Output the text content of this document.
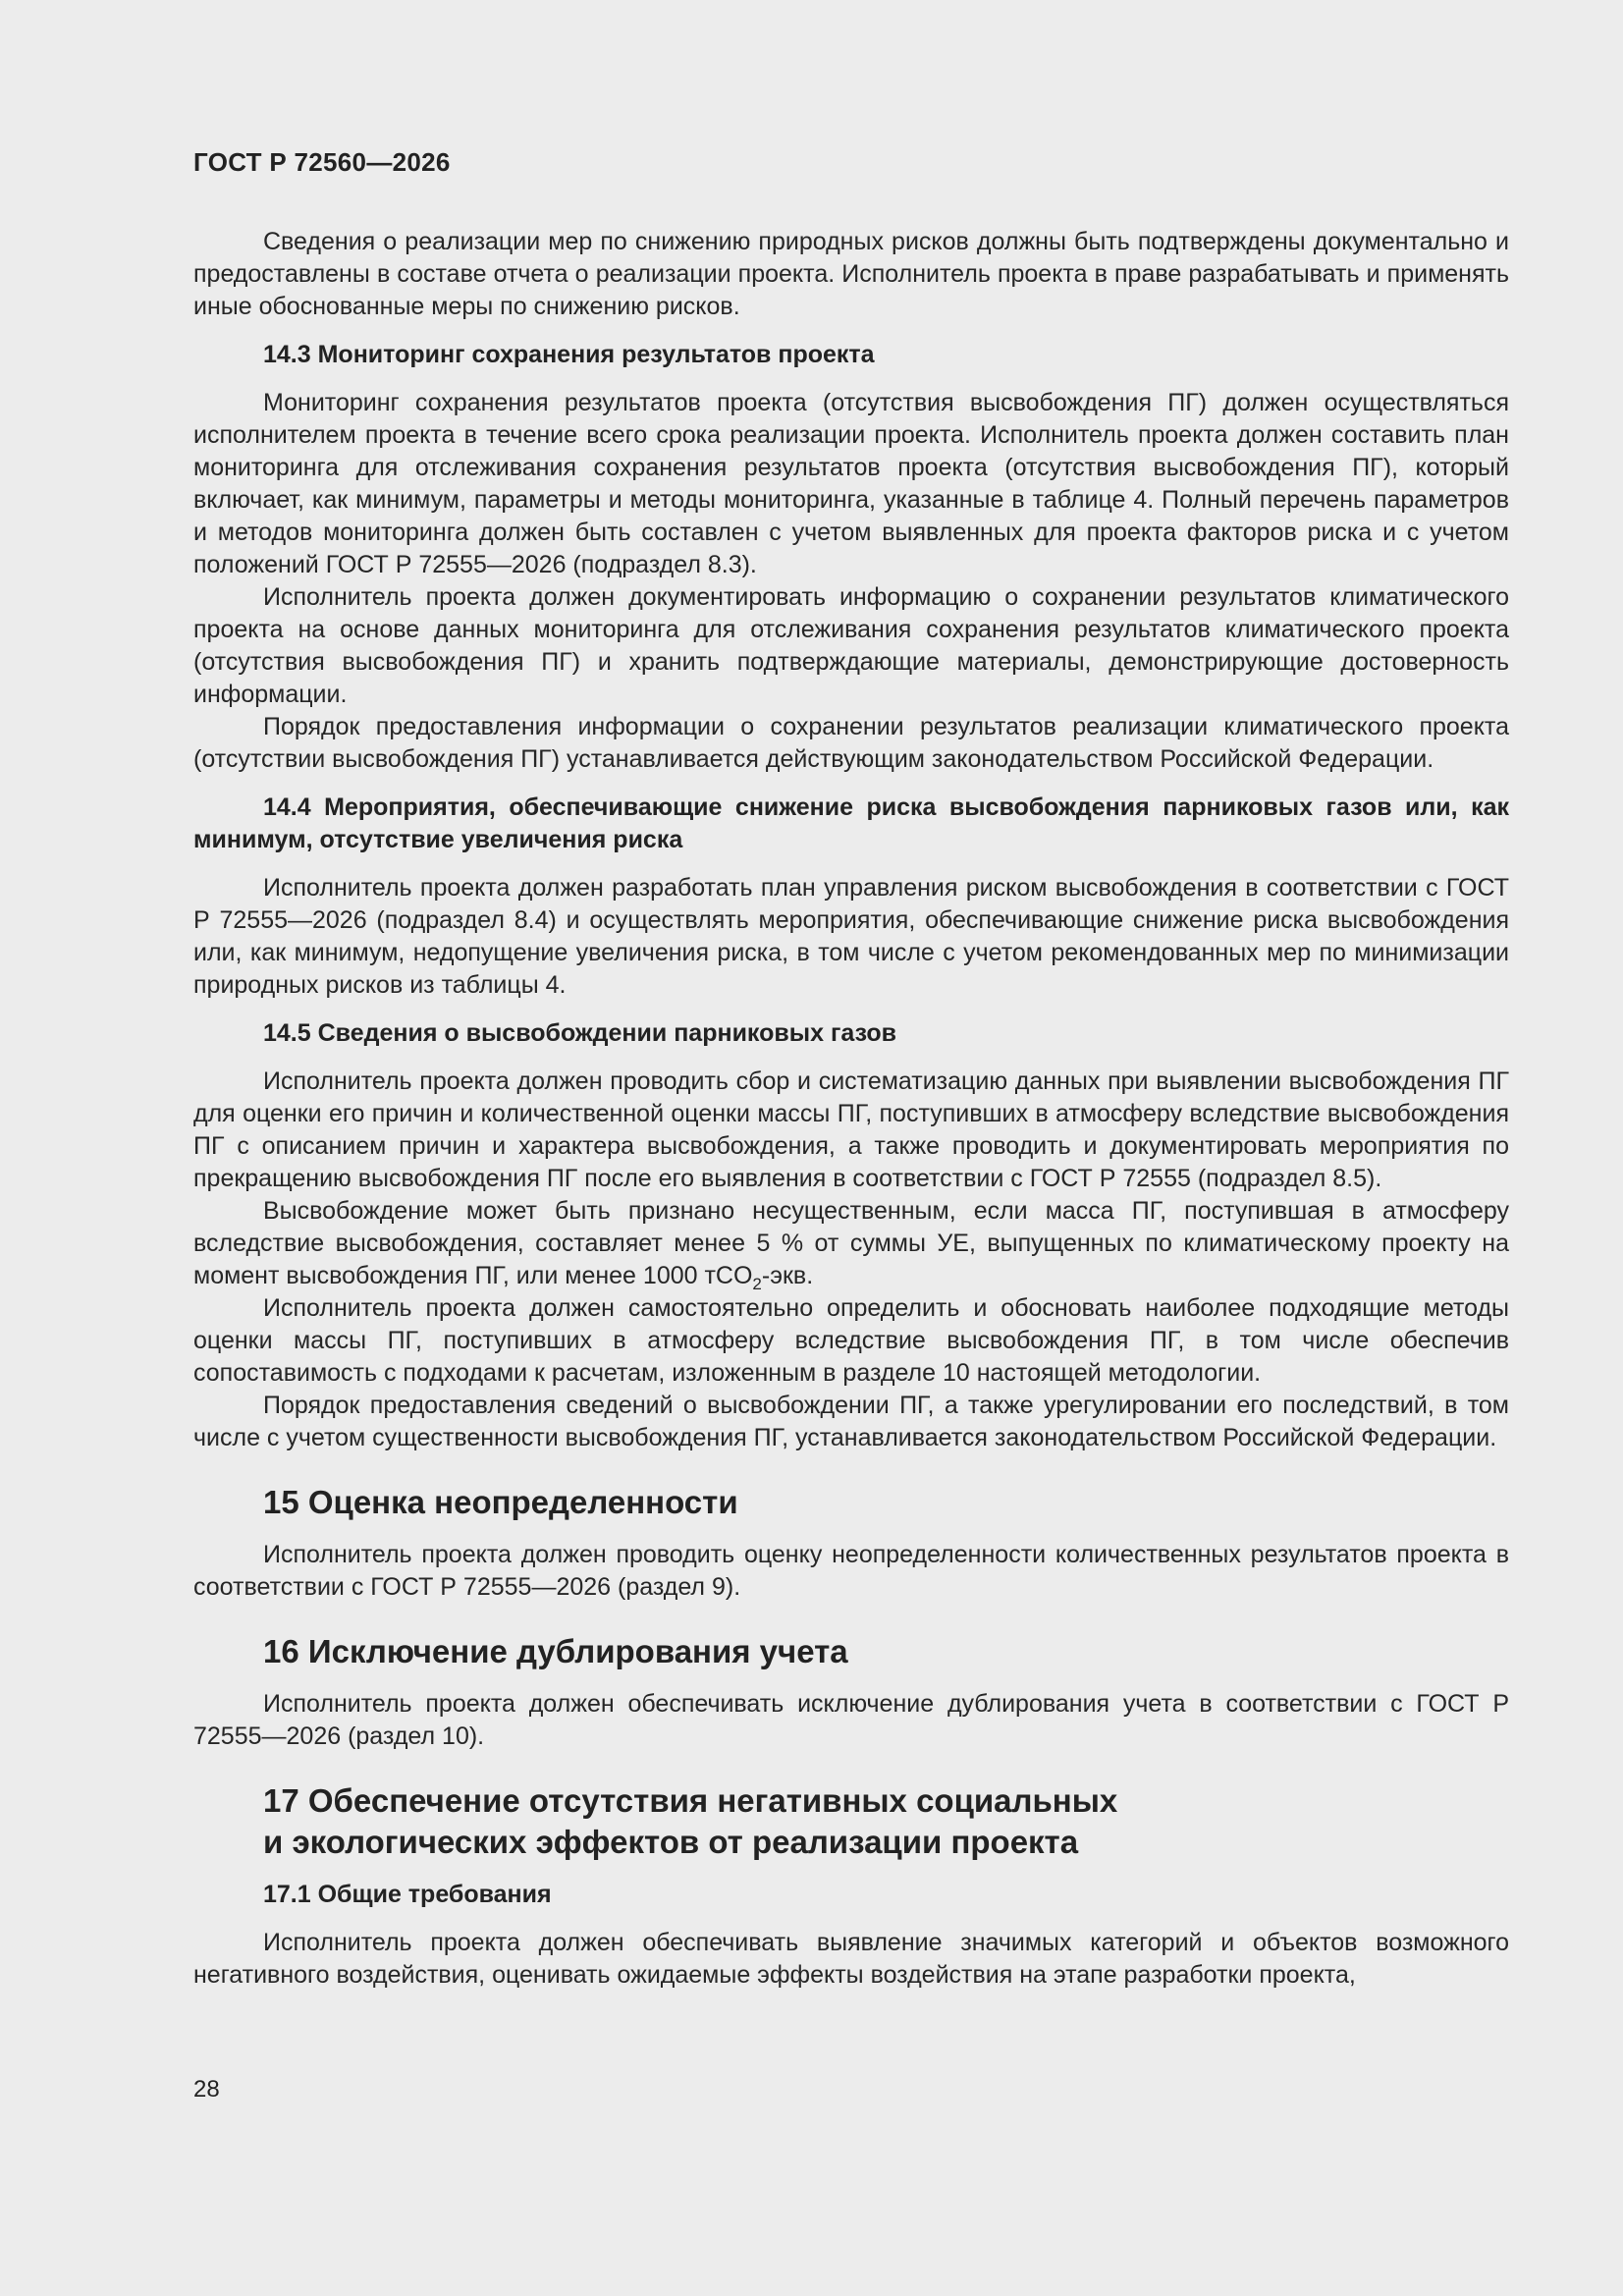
ГОСТ Р 72560—2026

Сведения о реализации мер по снижению природных рисков должны быть подтверждены документально и предоставлены в составе отчета о реализации проекта. Исполнитель проекта в праве разрабатывать и применять иные обоснованные меры по снижению рисков.

14.3 Мониторинг сохранения результатов проекта

Мониторинг сохранения результатов проекта (отсутствия высвобождения ПГ) должен осуществляться исполнителем проекта в течение всего срока реализации проекта. Исполнитель проекта должен составить план мониторинга для отслеживания сохранения результатов проекта (отсутствия высвобождения ПГ), который включает, как минимум, параметры и методы мониторинга, указанные в таблице 4. Полный перечень параметров и методов мониторинга должен быть составлен с учетом выявленных для проекта факторов риска и с учетом положений ГОСТ Р 72555—2026 (подраздел 8.3).

Исполнитель проекта должен документировать информацию о сохранении результатов климатического проекта на основе данных мониторинга для отслеживания сохранения результатов климатического проекта (отсутствия высвобождения ПГ) и хранить подтверждающие материалы, демонстрирующие достоверность информации.

Порядок предоставления информации о сохранении результатов реализации климатического проекта (отсутствии высвобождения ПГ) устанавливается действующим законодательством Российской Федерации.

14.4 Мероприятия, обеспечивающие снижение риска высвобождения парниковых газов или, как минимум, отсутствие увеличения риска

Исполнитель проекта должен разработать план управления риском высвобождения в соответствии с ГОСТ Р 72555—2026 (подраздел 8.4) и осуществлять мероприятия, обеспечивающие снижение риска высвобождения или, как минимум, недопущение увеличения риска, в том числе с учетом рекомендованных мер по минимизации природных рисков из таблицы 4.

14.5 Сведения о высвобождении парниковых газов

Исполнитель проекта должен проводить сбор и систематизацию данных при выявлении высвобождения ПГ для оценки его причин и количественной оценки массы ПГ, поступивших в атмосферу вследствие высвобождения ПГ с описанием причин и характера высвобождения, а также проводить и документировать мероприятия по прекращению высвобождения ПГ после его выявления в соответствии с ГОСТ Р 72555 (подраздел 8.5).

Высвобождение может быть признано несущественным, если масса ПГ, поступившая в атмосферу вследствие высвобождения, составляет менее 5 % от суммы УЕ, выпущенных по климатическому проекту на момент высвобождения ПГ, или менее 1000 тCO$_2$-экв.

Исполнитель проекта должен самостоятельно определить и обосновать наиболее подходящие методы оценки массы ПГ, поступивших в атмосферу вследствие высвобождения ПГ, в том числе обеспечив сопоставимость с подходами к расчетам, изложенным в разделе 10 настоящей методологии.

Порядок предоставления сведений о высвобождении ПГ, а также урегулировании его последствий, в том числе с учетом существенности высвобождения ПГ, устанавливается законодательством Российской Федерации.

15 Оценка неопределенности

Исполнитель проекта должен проводить оценку неопределенности количественных результатов проекта в соответствии с ГОСТ Р 72555—2026 (раздел 9).

16 Исключение дублирования учета

Исполнитель проекта должен обеспечивать исключение дублирования учета в соответствии с ГОСТ Р 72555—2026 (раздел 10).

17 Обеспечение отсутствия негативных социальных
и экологических эффектов от реализации проекта
17.1 Общие требования

Исполнитель проекта должен обеспечивать выявление значимых категорий и объектов возможного негативного воздействия, оценивать ожидаемые эффекты воздействия на этапе разработки проекта,

28
